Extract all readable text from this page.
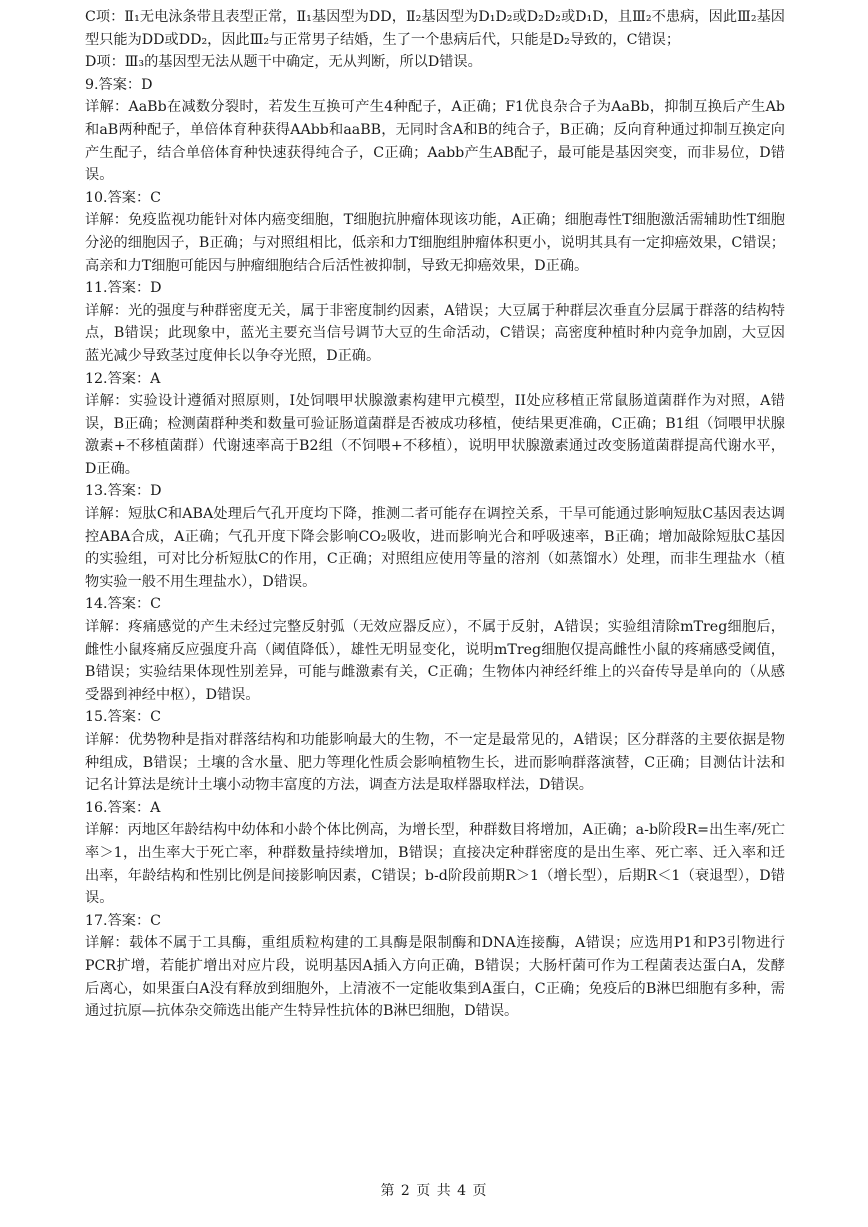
C项：Ⅱ₁无电泳条带且表型正常，Ⅱ₁基因型为DD，Ⅱ₂基因型为D₁D₂或D₂D₂或D₁D，且Ⅲ₂不患病，因此Ⅲ₂基因型只能为DD或DD₂，因此Ⅲ₂与正常男子结婚，生了一个患病后代，只能是D₂导致的，C错误；

D项：Ⅲ₃的基因型无法从题干中确定，无从判断，所以D错误。

9.答案：D

详解：AaBb在减数分裂时，若发生互换可产生4种配子，A正确；F1优良杂合子为AaBb，抑制互换后产生Ab和aB两种配子，单倍体育种获得AAbb和aaBB，无同时含A和B的纯合子，B正确；反向育种通过抑制互换定向产生配子，结合单倍体育种快速获得纯合子，C正确；Aabb产生AB配子，最可能是基因突变，而非易位，D错误。

10.答案：C

详解：免疫监视功能针对体内癌变细胞，T细胞抗肿瘤体现该功能，A正确；细胞毒性T细胞激活需辅助性T细胞分泌的细胞因子，B正确；与对照组相比，低亲和力T细胞组肿瘤体积更小，说明其具有一定抑癌效果，C错误；高亲和力T细胞可能因与肿瘤细胞结合后活性被抑制，导致无抑癌效果，D正确。

11.答案：D

详解：光的强度与种群密度无关，属于非密度制约因素，A错误；大豆属于种群层次垂直分层属于群落的结构特点，B错误；此现象中，蓝光主要充当信号调节大豆的生命活动，C错误；高密度种植时种内竞争加剧，大豆因蓝光减少导致茎过度伸长以争夺光照，D正确。

12.答案：A

详解：实验设计遵循对照原则，I处饲喂甲状腺激素构建甲亢模型，II处应移植正常鼠肠道菌群作为对照，A错误，B正确；检测菌群种类和数量可验证肠道菌群是否被成功移植，使结果更准确，C正确；B1组（饲喂甲状腺激素+不移植菌群）代谢速率高于B2组（不饲喂+不移植），说明甲状腺激素通过改变肠道菌群提高代谢水平，D正确。

13.答案：D

详解：短肽C和ABA处理后气孔开度均下降，推测二者可能存在调控关系，干旱可能通过影响短肽C基因表达调控ABA合成，A正确；气孔开度下降会影响CO₂吸收，进而影响光合和呼吸速率，B正确；增加敲除短肽C基因的实验组，可对比分析短肽C的作用，C正确；对照组应使用等量的溶剂（如蒸馏水）处理，而非生理盐水（植物实验一般不用生理盐水），D错误。

14.答案：C

详解：疼痛感觉的产生未经过完整反射弧（无效应器反应），不属于反射，A错误；实验组清除mTreg细胞后，雌性小鼠疼痛反应强度升高（阈值降低），雄性无明显变化，说明mTreg细胞仅提高雌性小鼠的疼痛感受阈值，B错误；实验结果体现性别差异，可能与雌激素有关，C正确；生物体内神经纤维上的兴奋传导是单向的（从感受器到神经中枢），D错误。

15.答案：C

详解：优势物种是指对群落结构和功能影响最大的生物，不一定是最常见的，A错误；区分群落的主要依据是物种组成，B错误；土壤的含水量、肥力等理化性质会影响植物生长，进而影响群落演替，C正确；目测估计法和记名计算法是统计土壤小动物丰富度的方法，调查方法是取样器取样法，D错误。

16.答案：A

详解：丙地区年龄结构中幼体和小龄个体比例高，为增长型，种群数目将增加，A正确；a-b阶段R=出生率/死亡率＞1，出生率大于死亡率，种群数量持续增加，B错误；直接决定种群密度的是出生率、死亡率、迁入率和迁出率，年龄结构和性别比例是间接影响因素，C错误；b-d阶段前期R＞1（增长型），后期R＜1（衰退型），D错误。

17.答案：C

详解：载体不属于工具酶，重组质粒构建的工具酶是限制酶和DNA连接酶，A错误；应选用P1和P3引物进行PCR扩增，若能扩增出对应片段，说明基因A插入方向正确，B错误；大肠杆菌可作为工程菌表达蛋白A，发酵后离心，如果蛋白A没有释放到细胞外，上清液不一定能收集到A蛋白，C正确；免疫后的B淋巴细胞有多种，需通过抗原—抗体杂交筛选出能产生特异性抗体的B淋巴细胞，D错误。

第 2 页 共 4 页
